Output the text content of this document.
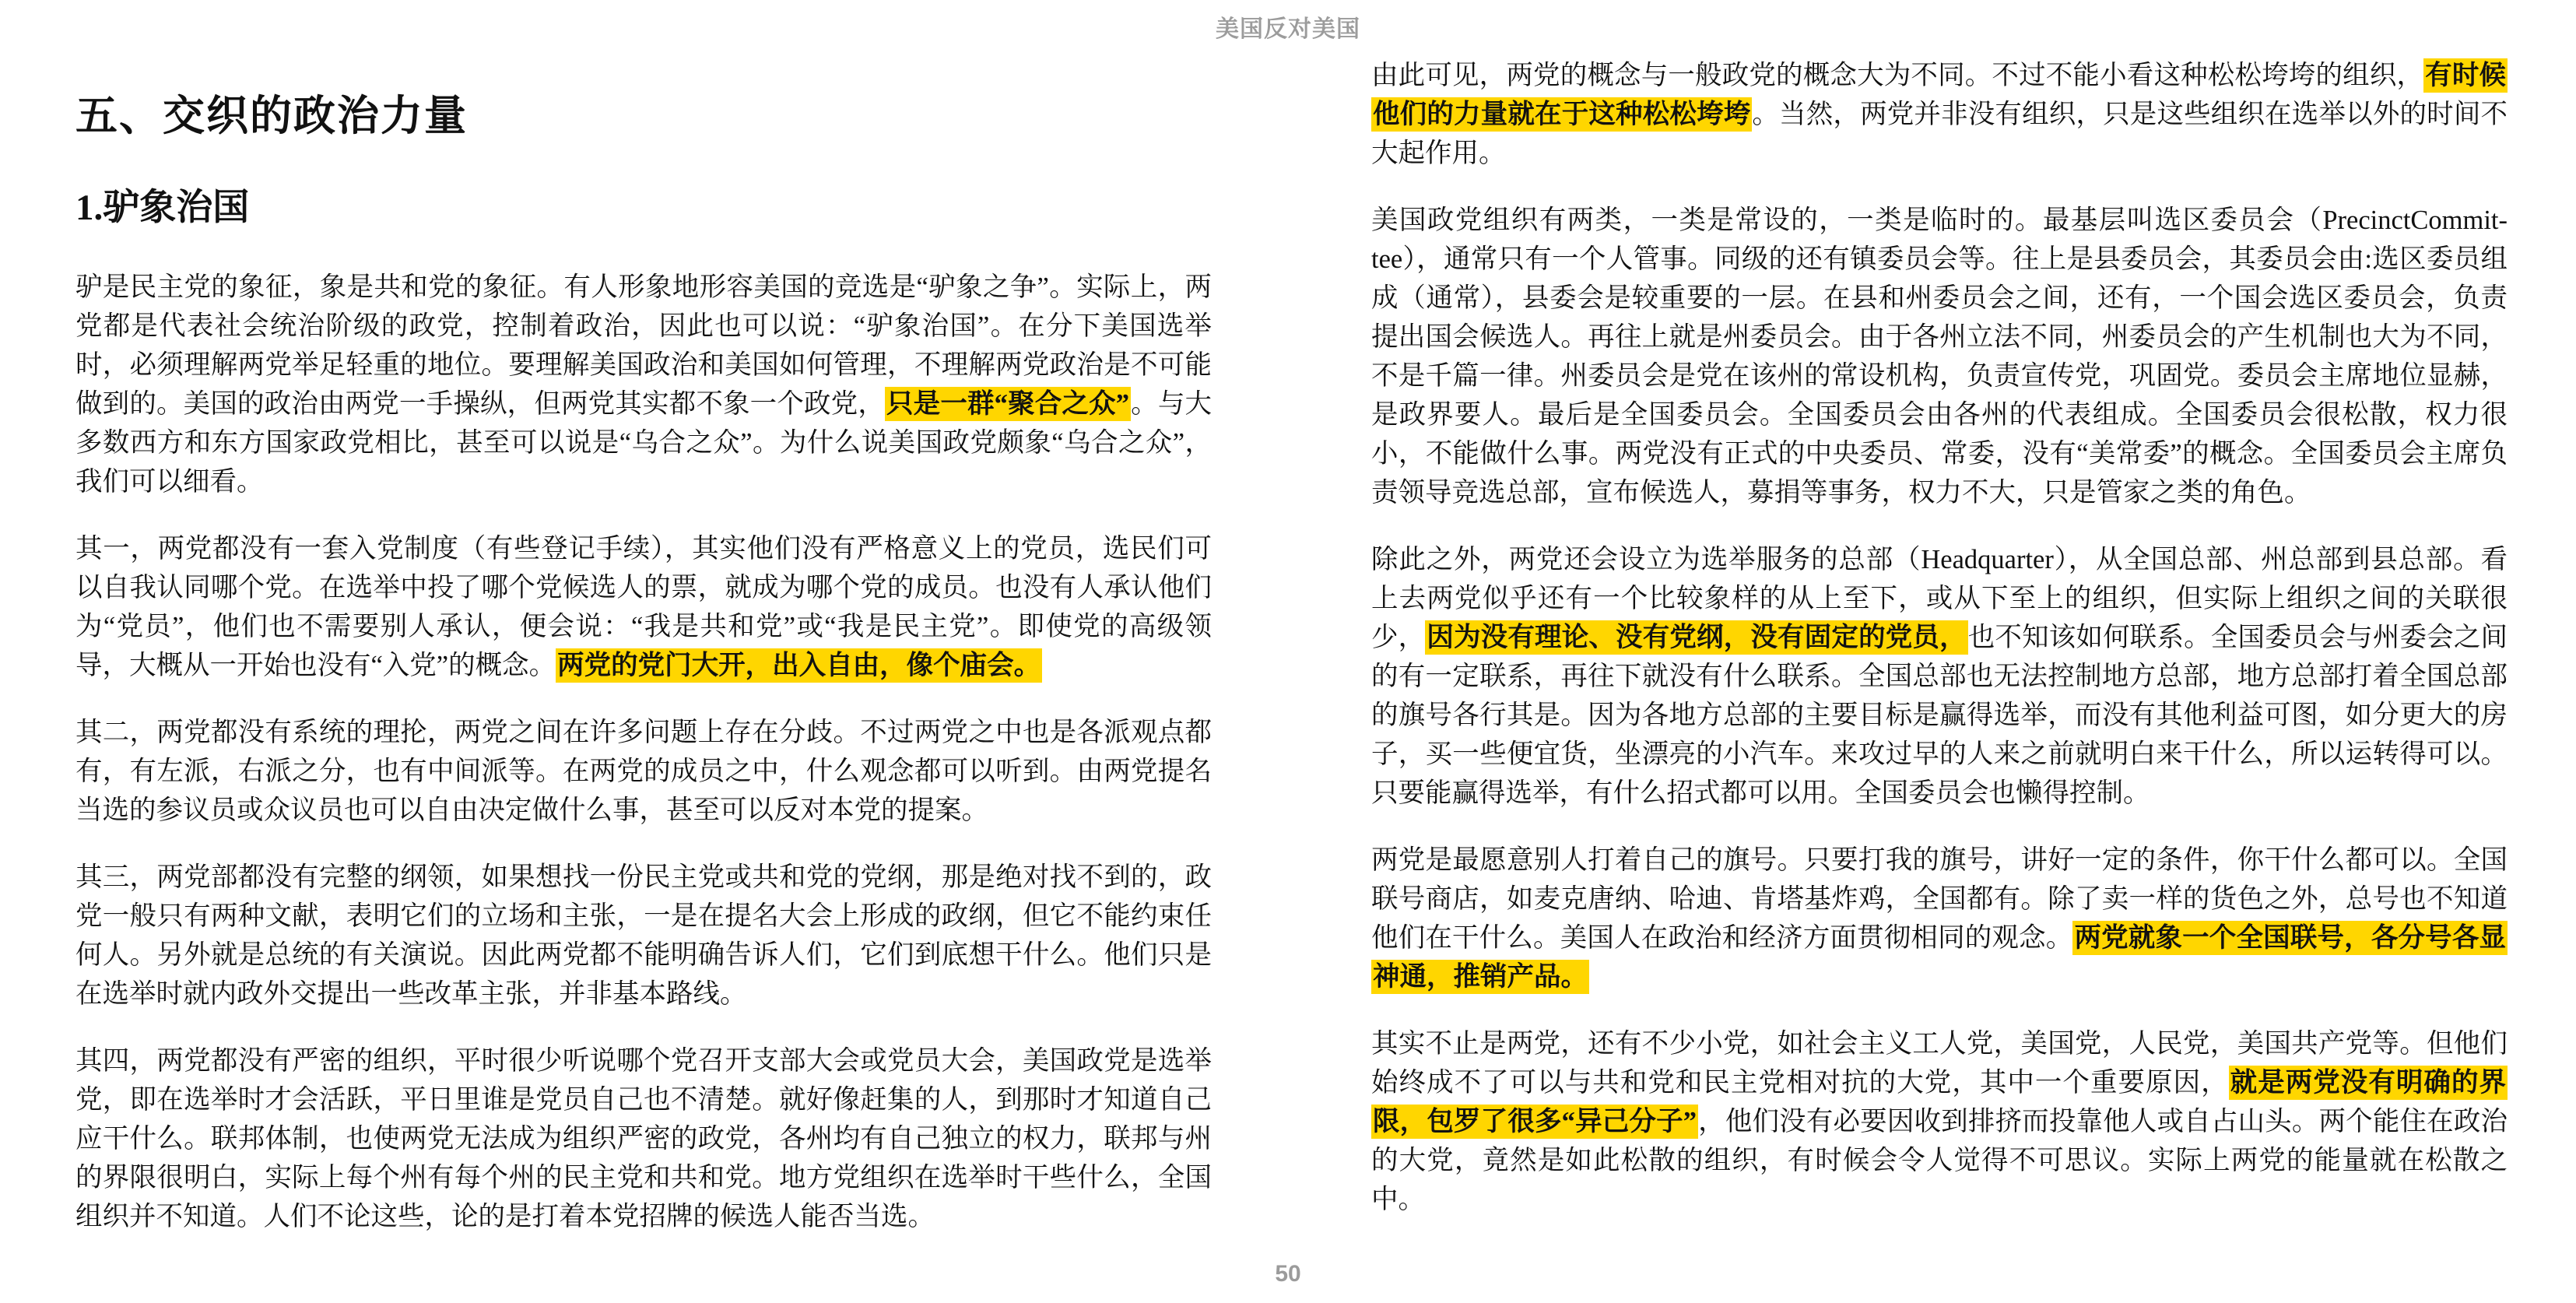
美国反对美国
五、交织的政治力量
1.驴象治国

驴是民主党的象征，象是共和党的象征。有人形象地形容美国的竞选是“驴象之争”。实际上，两党都是代表社会统治阶级的政党，控制着政治，因此也可以说：“驴象治国”。在分下美国选举时，必须理解两党举足轻重的地位。要理解美国政治和美国如何管理，不理解两党政治是不可能做到的。美国的政治由两党一手操纵，但两党其实都不象一个政党，只是一群“聚合之众”。与大多数西方和东方国家政党相比，甚至可以说是“乌合之众”。为什么说美国政党颇象“乌合之众”，我们可以细看。

其一，两党都没有一套入党制度（有些登记手续），其实他们没有严格意义上的党员，选民们可以自我认同哪个党。在选举中投了哪个党候选人的票，就成为哪个党的成员。也没有人承认他们为“党员”，他们也不需要别人承认，便会说：“我是共和党”或“我是民主党”。即使党的高级领导，大概从一开始也没有“入党”的概念。两党的党门大开，出入自由，像个庙会。

其二，两党都没有系统的理抡，两党之间在许多问题上存在分歧。不过两党之中也是各派观点都有，有左派，右派之分，也有中间派等。在两党的成员之中，什么观念都可以听到。由两党提名当选的参议员或众议员也可以自由决定做什么事，甚至可以反对本党的提案。

其三，两党部都没有完整的纲领，如果想找一份民主党或共和党的党纲，那是绝对找不到的，政党一般只有两种文献，表明它们的立场和主张，一是在提名大会上形成的政纲，但它不能约束任何人。另外就是总统的有关演说。因此两党都不能明确告诉人们，它们到底想干什么。他们只是在选举时就内政外交提出一些改革主张，并非基本路线。

其四，两党都没有严密的组织，平时很少听说哪个党召开支部大会或党员大会，美国政党是选举党，即在选举时才会活跃，平日里谁是党员自己也不清楚。就好像赶集的人，到那时才知道自己应干什么。联邦体制，也使两党无法成为组织严密的政党，各州均有自己独立的权力，联邦与州的界限很明白，实际上每个州有每个州的民主党和共和党。地方党组织在选举时干些什么，全国组织并不知道。人们不论这些，论的是打着本党招牌的候选人能否当选。

由此可见，两党的概念与一般政党的概念大为不同。不过不能小看这种松松垮垮的组织，有时候他们的力量就在于这种松松垮垮。当然，两党并非没有组织，只是这些组织在选举以外的时间不大起作用。

美国政党组织有两类，一类是常设的，一类是临时的。最基层叫选区委员会（PrecinctCommit-tee），通常只有一个人管事。同级的还有镇委员会等。往上是县委员会，其委员会由:选区委员组成（通常），县委会是较重要的一层。在县和州委员会之间，还有，一个国会选区委员会，负责提出国会候选人。再往上就是州委员会。由于各州立法不同，州委员会的产生机制也大为不同，不是千篇一律。州委员会是党在该州的常设机构，负责宣传党，巩固党。委员会主席地位显赫，是政界要人。最后是全国委员会。全国委员会由各州的代表组成。全国委员会很松散，权力很小，不能做什么事。两党没有正式的中央委员、常委，没有“美常委”的概念。全国委员会主席负责领导竞选总部，宣布候选人，募捐等事务，权力不大，只是管家之类的角色。

除此之外，两党还会设立为选举服务的总部（Headquarter），从全国总部、州总部到县总部。看上去两党似乎还有一个比较象样的从上至下，或从下至上的组织，但实际上组织之间的关联很少，因为没有理论、没有党纲，没有固定的党员，也不知该如何联系。全国委员会与州委会之间的有一定联系，再往下就没有什么联系。全国总部也无法控制地方总部，地方总部打着全国总部的旗号各行其是。因为各地方总部的主要目标是赢得选举，而没有其他利益可图，如分更大的房子，买一些便宜货，坐漂亮的小汽车。来攻过早的人来之前就明白来干什么，所以运转得可以。只要能赢得选举，有什么招式都可以用。全国委员会也懒得控制。

两党是最愿意别人打着自己的旗号。只要打我的旗号，讲好一定的条件，你干什么都可以。全国联号商店，如麦克唐纳、哈迪、肯塔基炸鸡，全国都有。除了卖一样的货色之外，总号也不知道他们在干什么。美国人在政治和经济方面贯彻相同的观念。两党就象一个全国联号，各分号各显神通，推销产品。

其实不止是两党，还有不少小党，如社会主义工人党，美国党，人民党，美国共产党等。但他们始终成不了可以与共和党和民主党相对抗的大党，其中一个重要原因，就是两党没有明确的界限，包罗了很多“异己分子”，他们没有必要因收到排挤而投靠他人或自占山头。两个能住在政治的大党，竟然是如此松散的组织，有时候会令人觉得不可思议。实际上两党的能量就在松散之中。

50
